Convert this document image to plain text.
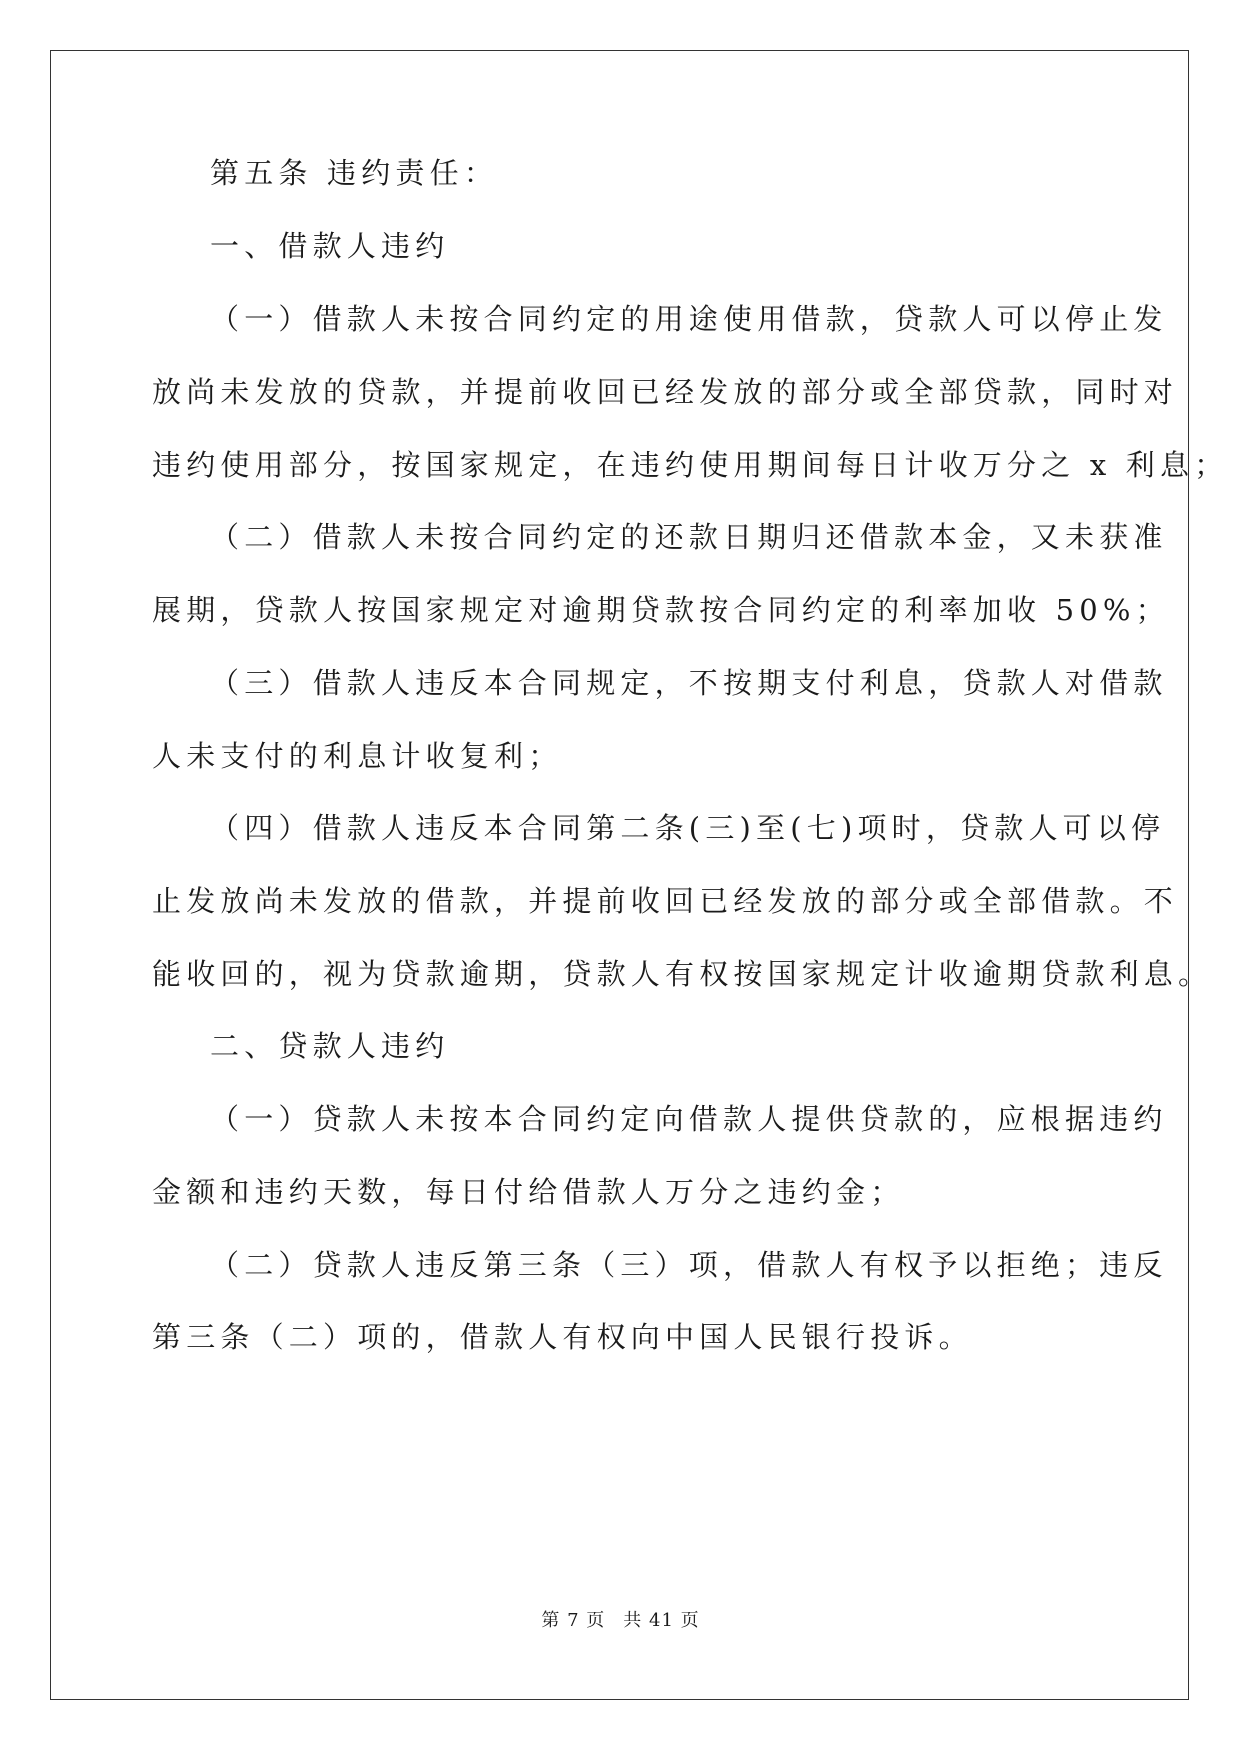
第五条 违约责任：

一、借款人违约

（一）借款人未按合同约定的用途使用借款，贷款人可以停止发

放尚未发放的贷款，并提前收回已经发放的部分或全部贷款，同时对

违约使用部分，按国家规定，在违约使用期间每日计收万分之 x 利息；

（二）借款人未按合同约定的还款日期归还借款本金，又未获准

展期，贷款人按国家规定对逾期贷款按合同约定的利率加收 50%；

（三）借款人违反本合同规定，不按期支付利息，贷款人对借款

人未支付的利息计收复利；

（四）借款人违反本合同第二条(三)至(七)项时，贷款人可以停

止发放尚未发放的借款，并提前收回已经发放的部分或全部借款。不

能收回的，视为贷款逾期，贷款人有权按国家规定计收逾期贷款利息。

二、贷款人违约

（一）贷款人未按本合同约定向借款人提供贷款的，应根据违约

金额和违约天数，每日付给借款人万分之违约金；

（二）贷款人违反第三条（三）项，借款人有权予以拒绝；违反

第三条（二）项的，借款人有权向中国人民银行投诉。

第 7 页 共 41 页
